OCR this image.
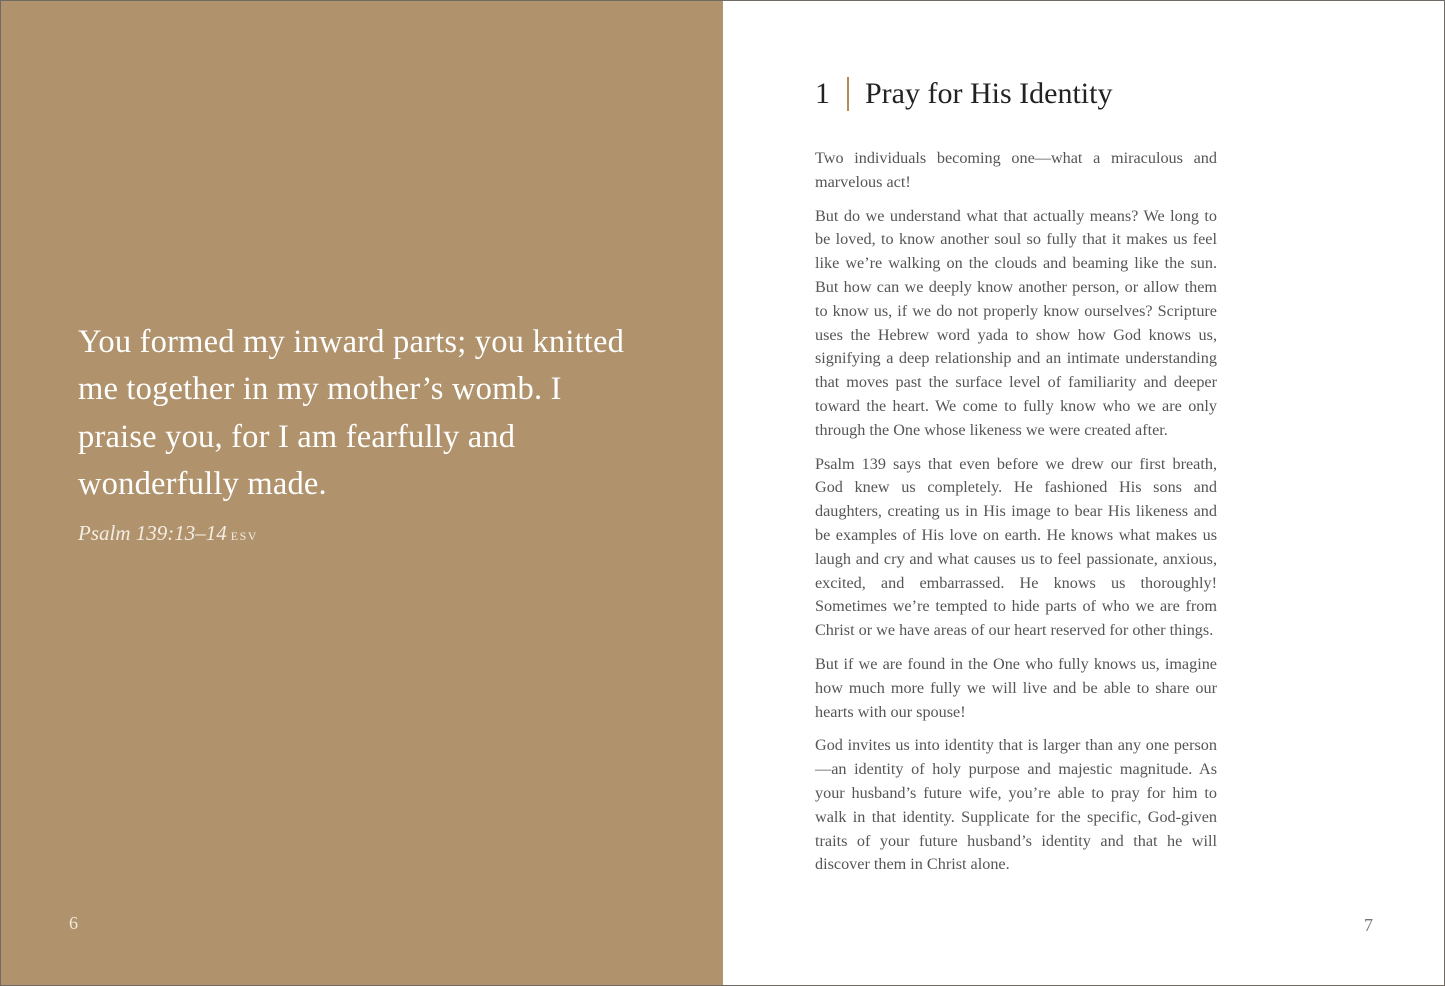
You formed my inward parts; you knitted me together in my mother’s womb. I praise you, for I am fearfully and wonderfully made.
Psalm 139:13–14 ESV
6
1 Pray for His Identity

Two individuals becoming one—what a miraculous and marvelous act!

But do we understand what that actually means? We long to be loved, to know another soul so fully that it makes us feel like we’re walking on the clouds and beaming like the sun. But how can we deeply know another person, or allow them to know us, if we do not properly know ourselves? Scripture uses the Hebrew word yada to show how God knows us, signifying a deep relationship and an intimate understanding that moves past the surface level of familiarity and deeper toward the heart. We come to fully know who we are only through the One whose likeness we were created after.

Psalm 139 says that even before we drew our first breath, God knew us completely. He fashioned His sons and daughters, creating us in His image to bear His likeness and be examples of His love on earth. He knows what makes us laugh and cry and what causes us to feel passionate, anxious, excited, and embarrassed. He knows us thoroughly! Sometimes we’re tempted to hide parts of who we are from Christ or we have areas of our heart reserved for other things.

But if we are found in the One who fully knows us, imagine how much more fully we will live and be able to share our hearts with our spouse!

God invites us into identity that is larger than any one person—an identity of holy purpose and majestic magnitude. As your husband’s future wife, you’re able to pray for him to walk in that identity. Supplicate for the specific, God-given traits of your future husband’s identity and that he will discover them in Christ alone.

7
